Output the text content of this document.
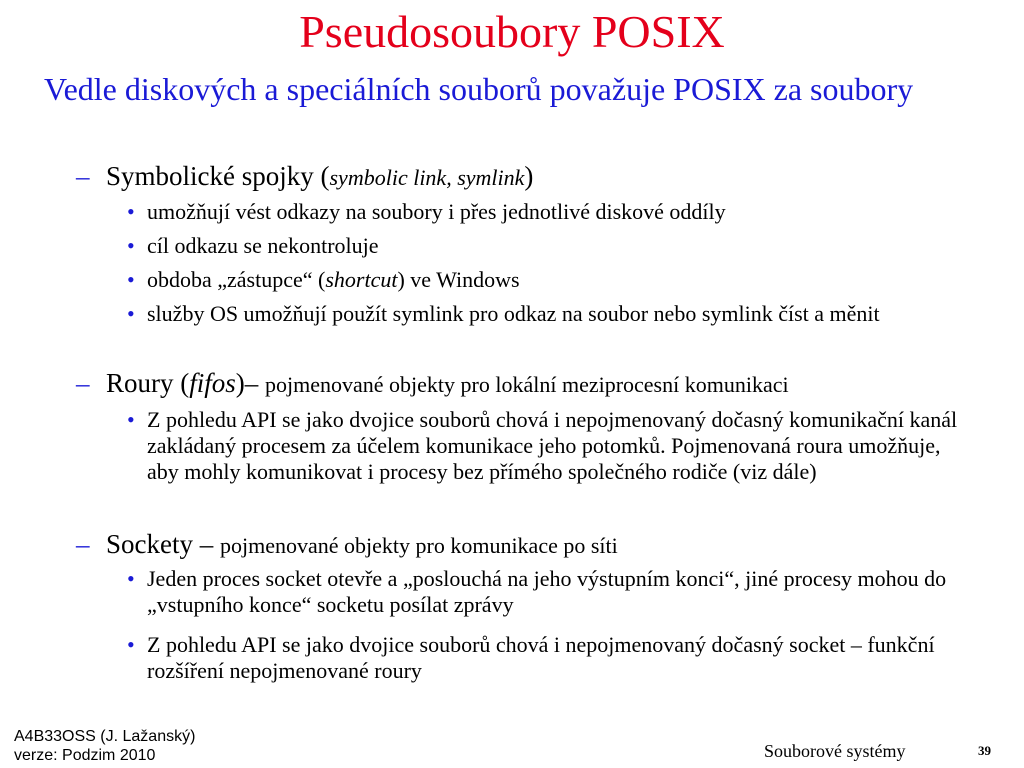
Pseudosoubory POSIX

Vedle diskových a speciálních souborů považuje POSIX za soubory

– Symbolické spojky (symbolic link, symlink)
• umožňují vést odkazy na soubory i přes jednotlivé diskové oddíly
• cíl odkazu se nekontroluje
• obdoba „zástupce“ (shortcut) ve Windows
• služby OS umožňují použít symlink pro odkaz na soubor nebo symlink číst a měnit
– Roury (fifos)– pojmenované objekty pro lokální meziprocesní komunikaci
• Z pohledu API se jako dvojice souborů chová i nepojmenovaný dočasný komunikační kanál zakládaný procesem za účelem komunikace jeho potomků. Pojmenovaná roura umožňuje, aby mohly komunikovat i procesy bez přímého společného rodiče (viz dále)
– Sockety – pojmenované objekty pro komunikace po síti
• Jeden proces socket otevře a „poslouchá na jeho výstupním konci“, jiné procesy mohou do „vstupního konce“ socketu posílat zprávy
• Z pohledu API se jako dvojice souborů chová i nepojmenovaný dočasný socket – funkční rozšíření nepojmenované roury
A4B33OSS (J. Lažanský)
verze: Podzim 2010	Souborové systémy	39
